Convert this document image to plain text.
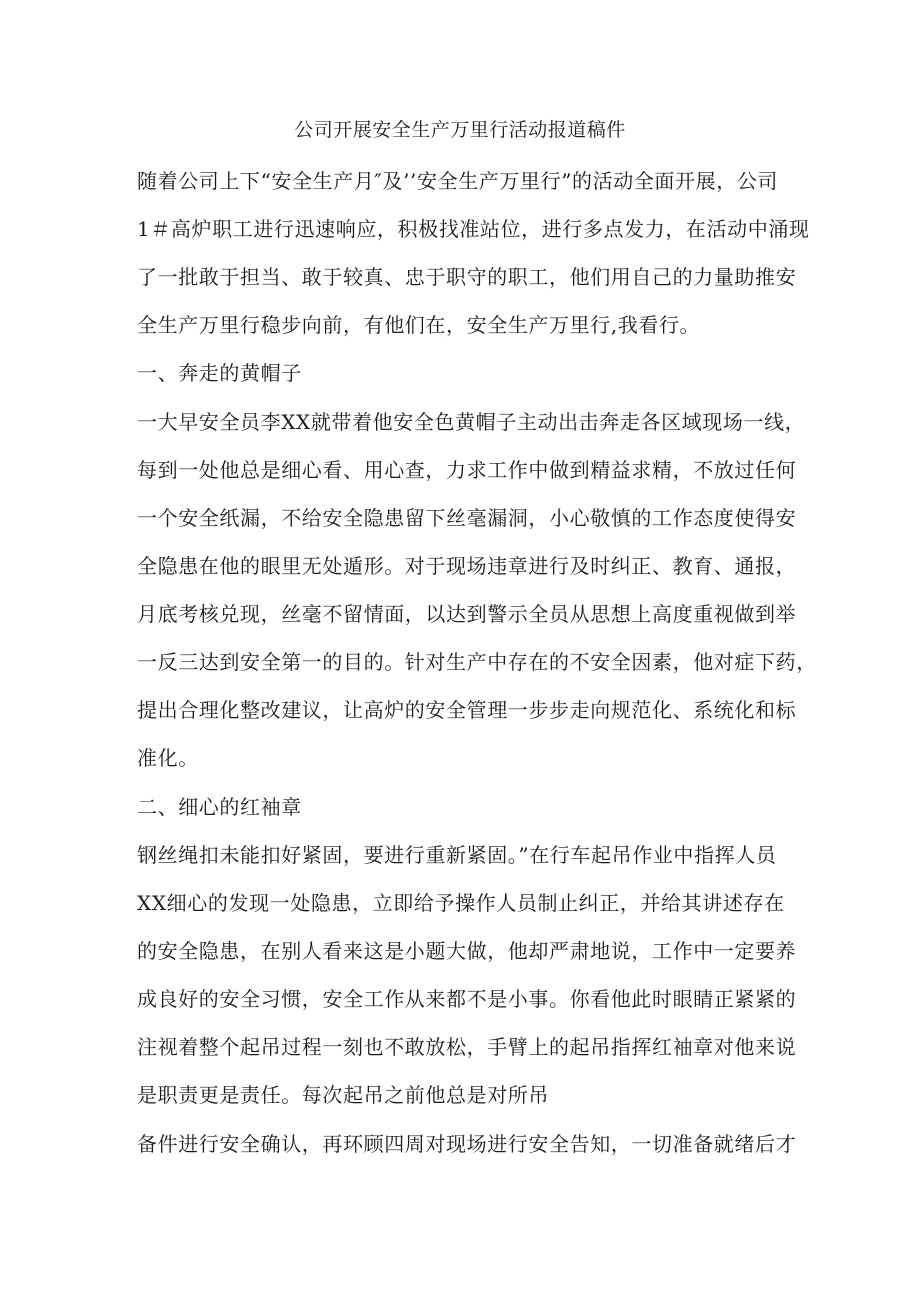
公司开展安全生产万里行活动报道稿件
随着公司上下“安全生产月″及’’安全生产万里行”的活动全面开展，公司
1＃高炉职工进行迅速响应，积极找准站位，进行多点发力，在活动中涌现
了一批敢于担当、敢于较真、忠于职守的职工，他们用自己的力量助推安
全生产万里行稳步向前，有他们在，安全生产万里行,我看行。
一、奔走的黄帽子
一大早安全员李XX就带着他安全色黄帽子主动出击奔走各区域现场一线，
每到一处他总是细心看、用心查，力求工作中做到精益求精，不放过任何
一个安全纸漏，不给安全隐患留下丝毫漏洞，小心敬慎的工作态度使得安
全隐患在他的眼里无处遁形。对于现场违章进行及时纠正、教育、通报，
月底考核兑现，丝毫不留情面，以达到警示全员从思想上高度重视做到举
一反三达到安全第一的目的。针对生产中存在的不安全因素，他对症下药，
提出合理化整改建议，让高炉的安全管理一步步走向规范化、系统化和标
准化。
二、细心的红袖章
钢丝绳扣未能扣好紧固，要进行重新紧固。”在行车起吊作业中指挥人员
XX细心的发现一处隐患，立即给予操作人员制止纠正，并给其讲述存在
的安全隐患，在别人看来这是小题大做，他却严肃地说，工作中一定要养
成良好的安全习惯，安全工作从来都不是小事。你看他此时眼睛正紧紧的
注视着整个起吊过程一刻也不敢放松，手臂上的起吊指挥红袖章对他来说
是职责更是责任。每次起吊之前他总是对所吊
备件进行安全确认，再环顾四周对现场进行安全告知，一切准备就绪后才
